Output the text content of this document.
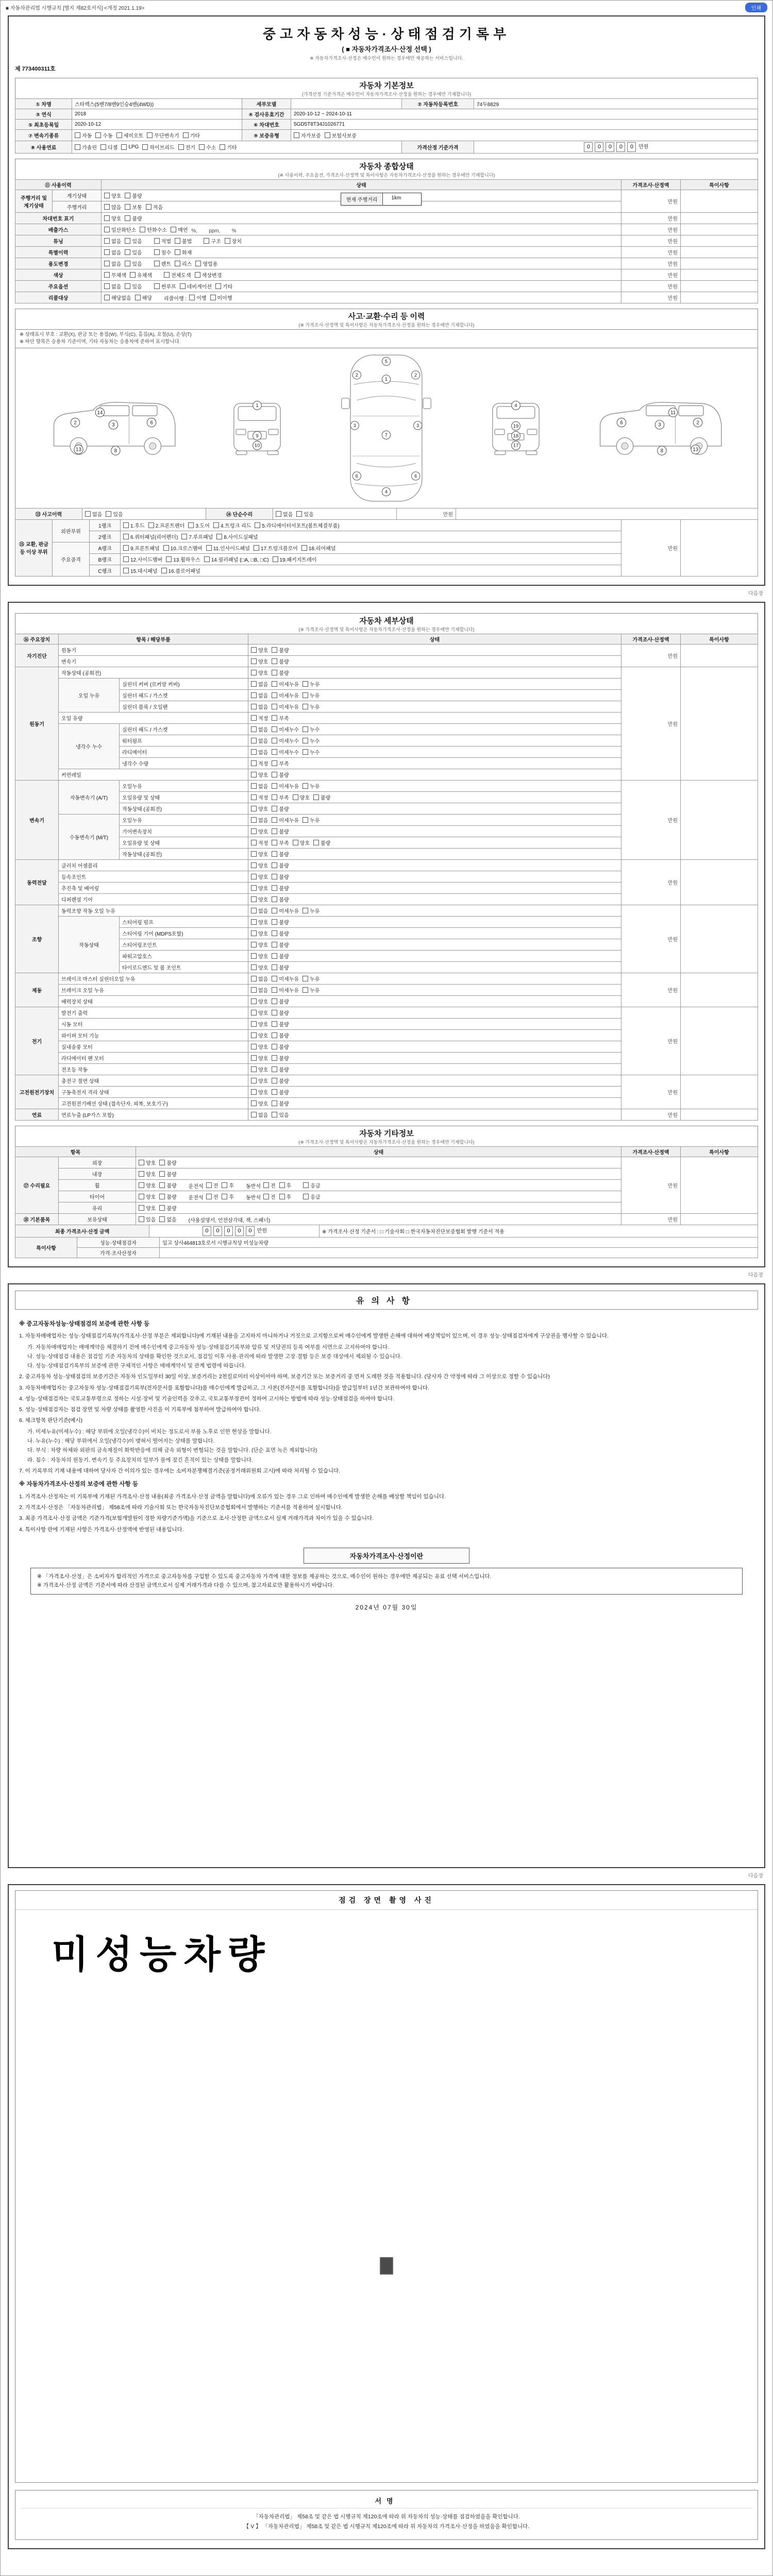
■ 자동차관리법 시행규칙 [별지 제82호서식] <개정 2021.1.19>	인쇄
중고자동차성능·상태점검기록부
( ■ 자동차가격조사·산정 선택 )
※ 자동차가격조사·산정은 매수인이 원하는 경우에만 제공하는 서비스입니다.
제 773400311호
자동차 기본정보
(가격산정 기준가격은 매수인이 자동차가격조사·산정을 원하는 경우에만 기재합니다)
① 차명	스타렉스(5밴7/8밴9인승4밴(4WD))	세부모델		② 자동차등록번호	74두8829
③ 연식	2018	④ 검사유효기간	2020-10-12 ~ 2024-10-11		
⑤ 최초등록일	2020-10-12	⑥ 차대번호	5GD5T8T34J1026771		
⑦ 변속기종류	자동 수동 세미오토 무단변속기 기타	⑨ 보증유형	자가보증 보험사보증		

⑧ 사용연료	가솔린 디젤 LPG 하이브리드 전기 수소 기타	가격산정 기준가격	0 0 0 0 0 만원
자동차 종합상태
(※ 사용이력, 주요옵션, 가격조사·산정액 및 특이사항은 자동차가격조사·산정을 원하는 경우에만 기재합니다)
⑪ 사용이력		상태	가격조사·산정액	특이사항
주행거리 및 계기상태	계기상태	양호 불량
현재 주행거리 1km	만원	
	주행거리	많음 보통 적음		

차대번호 표기		양호 불량	만원	
배출가스		일산화탄소 탄화수소 매연 %,        ppm,        %	만원	
튜닝	없음 있음	적법 불법	구조 장치	만원	
특별이력		없음 있음 침수 화재	만원	
용도변경		없음 있음 렌트 리스 영업용	만원	
색상		무채색 유채색 전체도색 색상변경	만원	
주요옵션		없음 있음 썬루프 네비게이션 기타	만원	
리콜대상		해당없음 해당 리콜이행 : 이행 미이행	만원	
사고·교환·수리 등 이력
(※ 가격조사·산정액 및 특이사항은 자동차가격조사·산정을 원하는 경우에만 기재합니다)
※ 상태표시 부호 : 교환(X), 판금 또는 용접(W), 부식(C), 흠집(A), 요철(U), 손상(T)
※ 하단 항목은 승용차 기준이며, 기타 자동차는 승용차에 준하여 표시합니다.
2	3	6
14
13	8
1
9
10
5
1
2	2
3	3
7
6	6
4
4
19
18
17
6	3	2
11
13
8
⑬ 사고이력	없음 있음	⑭ 단순수리	없음 있음	만원	
⑮ 교환, 판금 등 이상 부위	외판부위	1랭크	1.후드 2.프론트펜더 3.도어 4.트렁크 리드 5.라디에이터서포트(볼트체결부품)	만원	
		2랭크	6.쿼터패널(리어펜더) 7.루프패널 8.사이드실패널		

	주요골격	A랭크	9.프론트패널 10.크로스멤버 11.인사이드패널 17.트렁크플로어 18.리어패널		

		B랭크	12.사이드멤버 13.휠하우스 14.필러패널 (□A, □B, □C) 19.패키지트레이		

		C랭크	15.대시패널 16.플로어패널		
다음장
자동차 세부상태
(※ 가격조사·산정액 및 특이사항은 자동차가격조사·산정을 원하는 경우에만 기재합니다)
⑯ 주요장치	항목 / 해당부품		상태	가격조사·산정액	특이사항
자기진단	원동기		양호 불량	만원	
	변속기		양호 불량		

원동기	작동상태 (공회전)		양호 불량	만원	
	오일 누유	실린더 커버 (로커암 커버)	없음 미세누유 누유		

		실린더 헤드 / 가스켓	없음 미세누유 누유		

		실린더 블록 / 오일팬	없음 미세누유 누유		

	오일 유량		적정 부족		

	냉각수 누수	실린더 헤드 / 가스켓	없음 미세누수 누수		

		워터펌프	없음 미세누수 누수		

		라디에이터	없음 미세누수 누수		

		냉각수 수량	적정 부족		

	커먼레일		양호 불량		

변속기	자동변속기 (A/T)	오일누유	없음 미세누유 누유	만원	
		오일유량 및 상태	적정 부족 양호 불량		

		작동상태 (공회전)	양호 불량		

	수동변속기 (M/T)	오일누유	없음 미세누유 누유		

		기어변속장치	양호 불량		

		오일유량 및 상태	적정 부족 양호 불량		

		작동상태 (공회전)	양호 불량		

동력전달	클러치 어셈블리		양호 불량	만원	
	등속조인트		양호 불량		

	추진축 및 베어링		양호 불량		

	디퍼렌셜 기어		양호 불량		

조향	동력조향 작동 오일 누유		없음 미세누유 누유	만원	
	작동상태	스티어링 펌프	양호 불량		

		스티어링 기어 (MDPS포함)	양호 불량		

		스티어링조인트	양호 불량		

		파워고압호스	양호 불량		

		타이로드엔드 및 볼 조인트	양호 불량		

제동	브레이크 마스터 실린더오일 누유		없음 미세누유 누유	만원	
	브레이크 오일 누유		없음 미세누유 누유		

	배력장치 상태		양호 불량		

전기	발전기 출력		양호 불량	만원	
	시동 모터		양호 불량		

	와이퍼 모터 기능		양호 불량		

	실내송풍 모터		양호 불량		

	라디에이터 팬 모터		양호 불량		

	전조등 작동		양호 불량		

고전원전기장치	충전구 절연 상태		양호 불량	만원	
	구동축전지 격리 상태		양호 불량		

	고전원전기배선 상태 (접속단자, 피복, 보호기구)		양호 불량		

연료	연료누출 (LP가스 포함)		없음 있음	만원	
자동차 기타정보
(※ 가격조사·산정액 및 특이사항은 자동차가격조사·산정을 원하는 경우에만 기재합니다)
항목		상태	가격조사·산정액	특이사항
⑰ 수리필요	외장	양호 불량	만원	
	내장	양호 불량		

휠	양호 불량 운전석 전 후 동반석 전 후	응급

타이어	양호 불량 운전석 전 후 동반석 전 후	응급

	유리	양호 불량		

⑱ 기본품목	보유상태	있음 없음 (사용설명서, 안전삼각대, 잭, 스패너)	만원	
최종 가격조사·산정 금액	0 0 0 0 0 만원	※ 가격조사·산정 기준서 : □ 기술사회 □ 한국자동차진단보증협회 발행 기준서 적용
특이사항	성능·상태점검자	입고 상사464813호로서 시행규칙상 미성능차량
	가격·조사산정자	
다음장
유의사항
※ 중고자동차성능·상태점검의 보증에 관한 사항 등
1. 자동차매매업자는 성능·상태점검기록부(가격조사·산정 부분은 제외합니다)에 기재된 내용을 고지하지 아니하거나 거짓으로 고지함으로써 매수인에게 발생한 손해에 대하여 배상책임이 있으며, 이 경우 성능·상태점검자에게 구상권을 행사할 수 있습니다.
가. 자동차매매업자는 매매계약을 체결하기 전에 매수인에게 중고자동차 성능·상태점검기록부와 압류 및 저당권의 등록 여부를 서면으로 고지하여야 합니다.
나. 성능·상태점검 내용은 점검일 기준 자동차의 상태를 확인한 것으로서, 점검일 이후 사용·관리에 따라 발생한 고장·결함 등은 보증 대상에서 제외될 수 있습니다.
다. 성능·상태점검기록부의 보증에 관한 구체적인 사항은 매매계약서 및 관계 법령에 따릅니다.
2. 중고자동차 성능·상태점검의 보증기간은 자동차 인도일부터 30일 이상, 보증거리는 2천킬로미터 이상이어야 하며, 보증기간 또는 보증거리 중 먼저 도래한 것을 적용합니다. (당사자 간 약정에 따라 그 이상으로 정할 수 있습니다)
3. 자동차매매업자는 중고자동차 성능·상태점검기록부(전자문서를 포함합니다)를 매수인에게 발급하고, 그 사본(전자문서를 포함합니다)을 발급일부터 1년간 보관하여야 합니다.
4. 성능·상태점검자는 국토교통부령으로 정하는 시설·장비 및 기술인력을 갖추고, 국토교통부장관이 정하여 고시하는 방법에 따라 성능·상태점검을 하여야 합니다.
5. 성능·상태점검자는 점검 장면 및 차량 상태를 촬영한 사진을 이 기록부에 첨부하여 발급하여야 합니다.
6. 체크항목 판단기준(예시)
가. 미세누유(미세누수) : 해당 부위에 오일(냉각수)이 비치는 정도로서 부품 노후로 인한 현상을 말합니다.
나. 누유(누수) : 해당 부위에서 오일(냉각수)이 맺혀서 떨어지는 상태를 말합니다.
다. 부식 : 차량 하체와 외판의 금속재질이 화학반응에 의해 금속 외형이 변형되는 것을 말합니다. (단순 표면 녹은 제외합니다)
라. 침수 : 자동차의 원동기, 변속기 등 주요장치의 일부가 물에 잠긴 흔적이 있는 상태를 말합니다.
7. 이 기록부의 기재 내용에 대하여 당사자 간 이의가 있는 경우에는 소비자분쟁해결기준(공정거래위원회 고시)에 따라 처리될 수 있습니다.
※ 자동차가격조사·산정의 보증에 관한 사항 등
1. 가격조사·산정자는 이 기록부에 기재된 가격조사·산정 내용(최종 가격조사·산정 금액을 말합니다)에 오류가 있는 경우 그로 인하여 매수인에게 발생한 손해를 배상할 책임이 있습니다.
2. 가격조사·산정은 「자동차관리법」 제58조에 따라 기술사회 또는 한국자동차진단보증협회에서 발행하는 기준서를 적용하여 실시합니다.
3. 최종 가격조사·산정 금액은 기준가격(보험개발원이 정한 차량기준가액)을 기준으로 조사·산정한 금액으로서 실제 거래가격과 차이가 있을 수 있습니다.
4. 특이사항 란에 기재된 사항은 가격조사·산정액에 반영된 내용입니다.
자동차가격조사·산정이란
※ 「가격조사·산정」은 소비자가 합리적인 가격으로 중고자동차를 구입할 수 있도록 중고자동차 가격에 대한 정보를 제공하는 것으로, 매수인이 원하는 경우에만 제공되는 유료 선택 서비스입니다.
※ 가격조사·산정 금액은 기준서에 따라 산정된 금액으로서 실제 거래가격과 다를 수 있으며, 참고자료로만 활용하시기 바랍니다.
2024년 07월 30일
다음장
점검 장면 촬영 사진
미성능차량
서명
「자동차관리법」 제58조 및 같은 법 시행규칙 제120조에 따라 위 자동차의 성능·상태를 점검하였음을 확인합니다.
【 V 】 「자동차관리법」 제58조 및 같은 법 시행규칙 제120조에 따라 위 자동차의 가격조사·산정을 하였음을 확인합니다.
